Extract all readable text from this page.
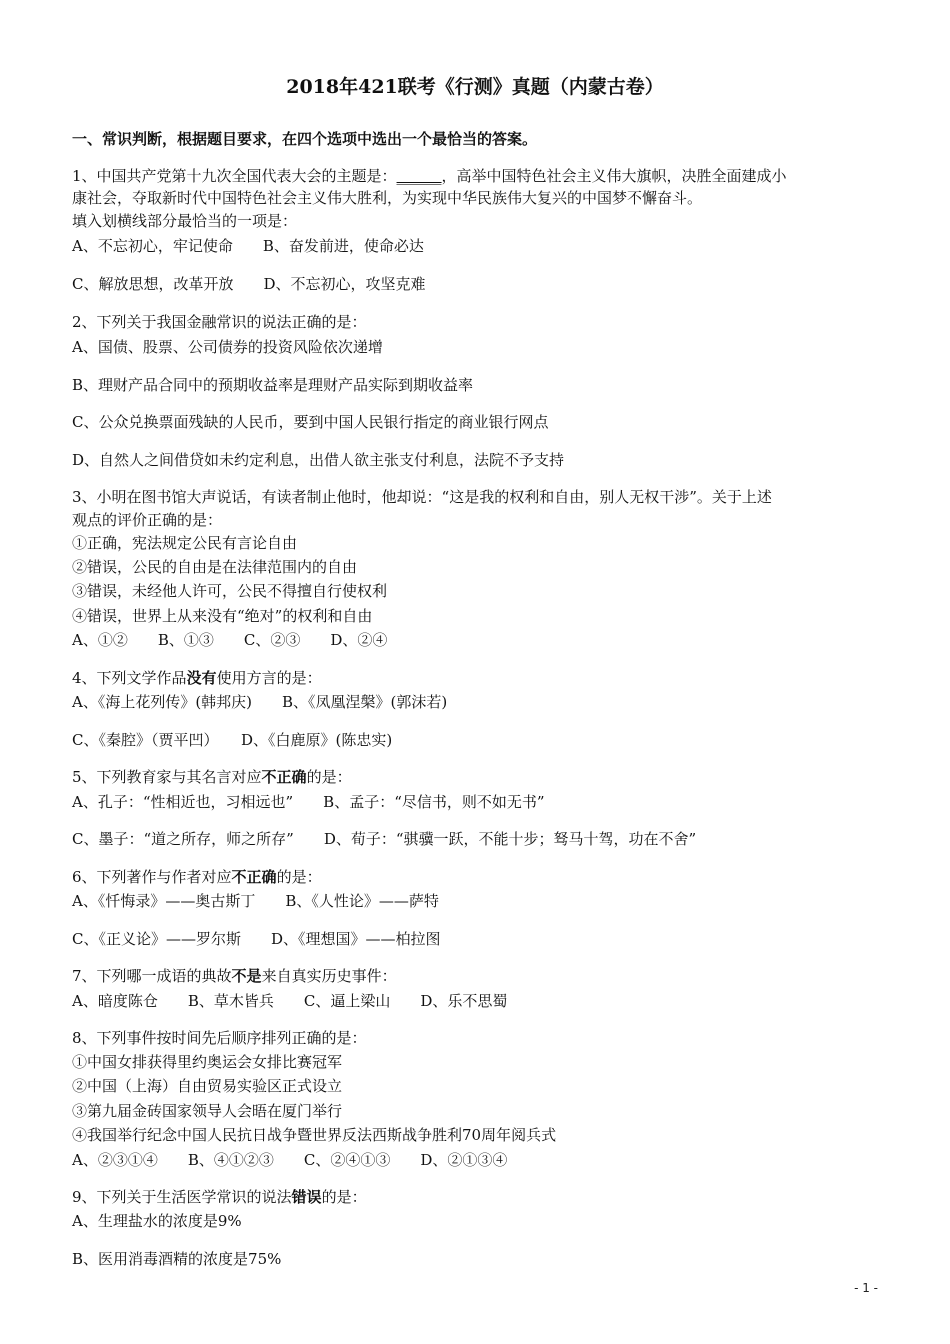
2018年421联考《行测》真题（内蒙古卷）
一、常识判断，根据题目要求，在四个选项中选出一个最恰当的答案。
1、中国共产党第十九次全国代表大会的主题是：______，高举中国特色社会主义伟大旗帜，决胜全面建成小
康社会，夺取新时代中国特色社会主义伟大胜利，为实现中华民族伟大复兴的中国梦不懈奋斗。
填入划横线部分最恰当的一项是：
A、不忘初心，牢记使命　　B、奋发前进，使命必达
C、解放思想，改革开放　　D、不忘初心，攻坚克难
2、下列关于我国金融常识的说法正确的是：
A、国债、股票、公司债券的投资风险依次递增
B、理财产品合同中的预期收益率是理财产品实际到期收益率
C、公众兑换票面残缺的人民币，要到中国人民银行指定的商业银行网点
D、自然人之间借贷如未约定利息，出借人欲主张支付利息，法院不予支持
3、小明在图书馆大声说话，有读者制止他时，他却说：“这是我的权利和自由，别人无权干涉”。关于上述
观点的评价正确的是：
①正确，宪法规定公民有言论自由
②错误，公民的自由是在法律范围内的自由
③错误，未经他人许可，公民不得擅自行使权利
④错误，世界上从来没有“绝对”的权利和自由
A、①②　　B、①③　　C、②③　　D、②④
4、下列文学作品没有使用方言的是：
A、《海上花列传》(韩邦庆)　　B、《凤凰涅槃》(郭沫若)
C、《秦腔》（贾平凹）　　D、《白鹿原》(陈忠实)
5、下列教育家与其名言对应不正确的是：
A、孔子：“性相近也，习相远也”　　B、孟子：“尽信书，则不如无书”
C、墨子：“道之所存，师之所存”　　D、荀子：“骐骥一跃，不能十步；驽马十驾，功在不舍”
6、下列著作与作者对应不正确的是：
A、《忏悔录》——奥古斯丁　　B、《人性论》——萨特
C、《正义论》——罗尔斯　　D、《理想国》——柏拉图
7、下列哪一成语的典故不是来自真实历史事件：
A、暗度陈仓　　B、草木皆兵　　C、逼上梁山　　D、乐不思蜀
8、下列事件按时间先后顺序排列正确的是：
①中国女排获得里约奥运会女排比赛冠军
②中国（上海）自由贸易实验区正式设立
③第九届金砖国家领导人会晤在厦门举行
④我国举行纪念中国人民抗日战争暨世界反法西斯战争胜利70周年阅兵式
A、②③①④　　B、④①②③　　C、②④①③　　D、②①③④
9、下列关于生活医学常识的说法错误的是：
A、生理盐水的浓度是9%
B、医用消毒酒精的浓度是75%
- 1 -
